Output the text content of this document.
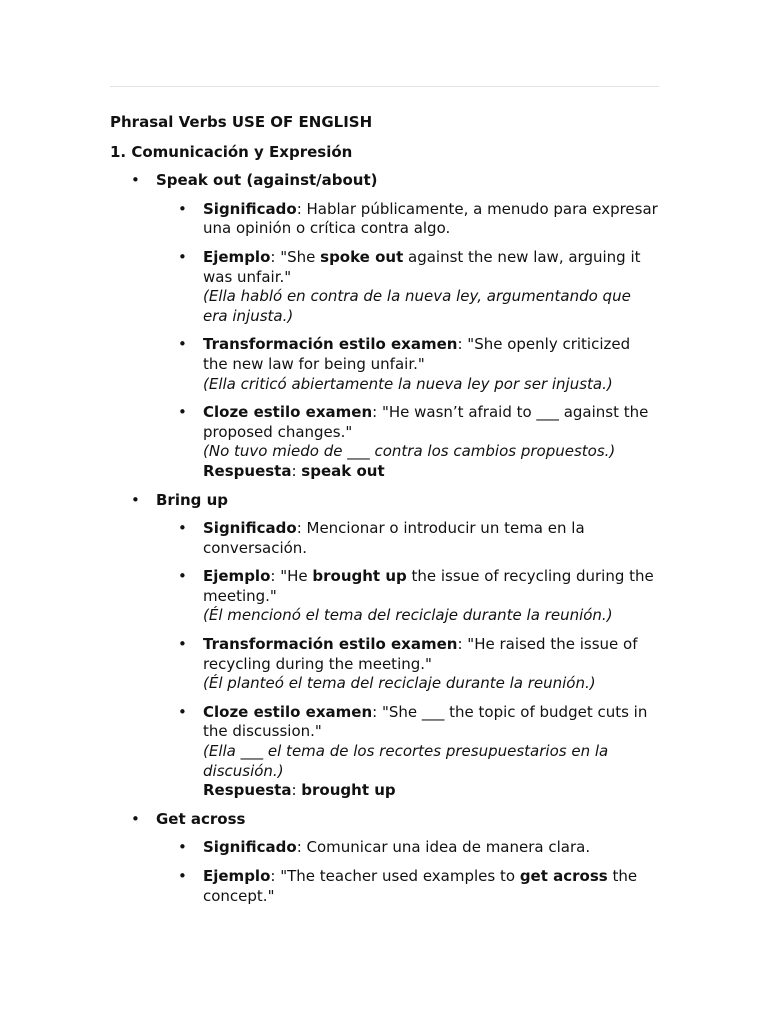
Phrasal Verbs USE OF ENGLISH
1. Comunicación y Expresión
• Speak out (against/about)
• Significado: Hablar públicamente, a menudo para expresar una opinión o crítica contra algo.
• Ejemplo: "She spoke out against the new law, arguing it was unfair."
(Ella habló en contra de la nueva ley, argumentando que era injusta.)
• Transformación estilo examen: "She openly criticized the new law for being unfair."
(Ella criticó abiertamente la nueva ley por ser injusta.)
• Cloze estilo examen: "He wasn’t afraid to ___ against the proposed changes."
(No tuvo miedo de ___ contra los cambios propuestos.)
Respuesta: speak out
• Bring up
• Significado: Mencionar o introducir un tema en la conversación.
• Ejemplo: "He brought up the issue of recycling during the meeting."
(Él mencionó el tema del reciclaje durante la reunión.)
• Transformación estilo examen: "He raised the issue of recycling during the meeting."
(Él planteó el tema del reciclaje durante la reunión.)
• Cloze estilo examen: "She ___ the topic of budget cuts in the discussion."
(Ella ___ el tema de los recortes presupuestarios en la discusión.)
Respuesta: brought up
• Get across
• Significado: Comunicar una idea de manera clara.
• Ejemplo: "The teacher used examples to get across the concept."
